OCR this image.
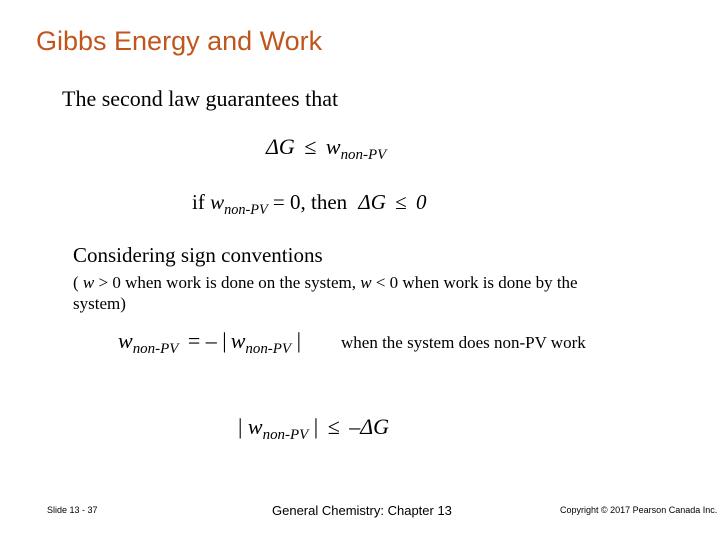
Gibbs Energy and Work
The second law guarantees that
$\Delta G \le w_{non-PV}$
if $w_{non-PV} = 0$, then ΔG ≤ 0
Considering sign conventions
( w > 0 when work is done on the system, w < 0 when work is done by the system)
$w_{non-PV}$ = – | $w_{non-PV}$ | when the system does non-PV work
| $w_{non-PV}$ | ≤ –ΔG
Slide 13 - 37	General Chemistry: Chapter 13	Copyright © 2017 Pearson Canada Inc.
